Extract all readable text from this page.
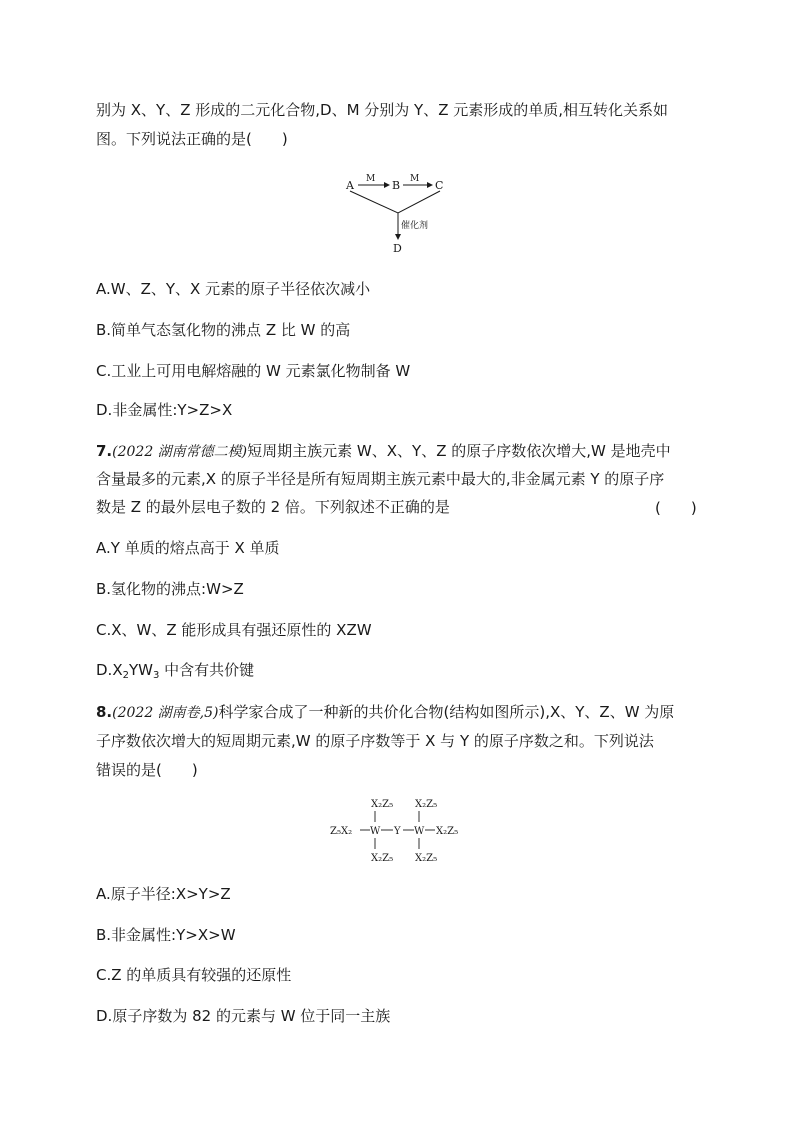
别为 X、Y、Z 形成的二元化合物,D、M 分别为 Y、Z 元素形成的单质,相互转化关系如
图。下列说法正确的是(　　)
A M B M C
催化剂
D
A.W、Z、Y、X 元素的原子半径依次减小
B.简单气态氢化物的沸点 Z 比 W 的高
C.工业上可用电解熔融的 W 元素氯化物制备 W
D.非金属性:Y>Z>X
7.(2022 湖南常德二模)短周期主族元素 W、X、Y、Z 的原子序数依次增大,W 是地壳中
含量最多的元素,X 的原子半径是所有短周期主族元素中最大的,非金属元素 Y 的原子序
数是 Z 的最外层电子数的 2 倍。下列叙述不正确的是	(　　)
A.Y 单质的熔点高于 X 单质
B.氢化物的沸点:W>Z
C.X、W、Z 能形成具有强还原性的 XZW
$D.X_2YW_3$ 中含有共价键
8.(2022 湖南卷,5)科学家合成了一种新的共价化合物(结构如图所示),X、Y、Z、W 为原
子序数依次增大的短周期元素,W 的原子序数等于 X 与 Y 的原子序数之和。下列说法
错误的是(　　)
X₂Z₅ X₂Z₅
Z₅X₂ W Y W X₂Z₅
X₂Z₅ X₂Z₅
A.原子半径:X>Y>Z
B.非金属性:Y>X>W
C.Z 的单质具有较强的还原性
D.原子序数为 82 的元素与 W 位于同一主族
